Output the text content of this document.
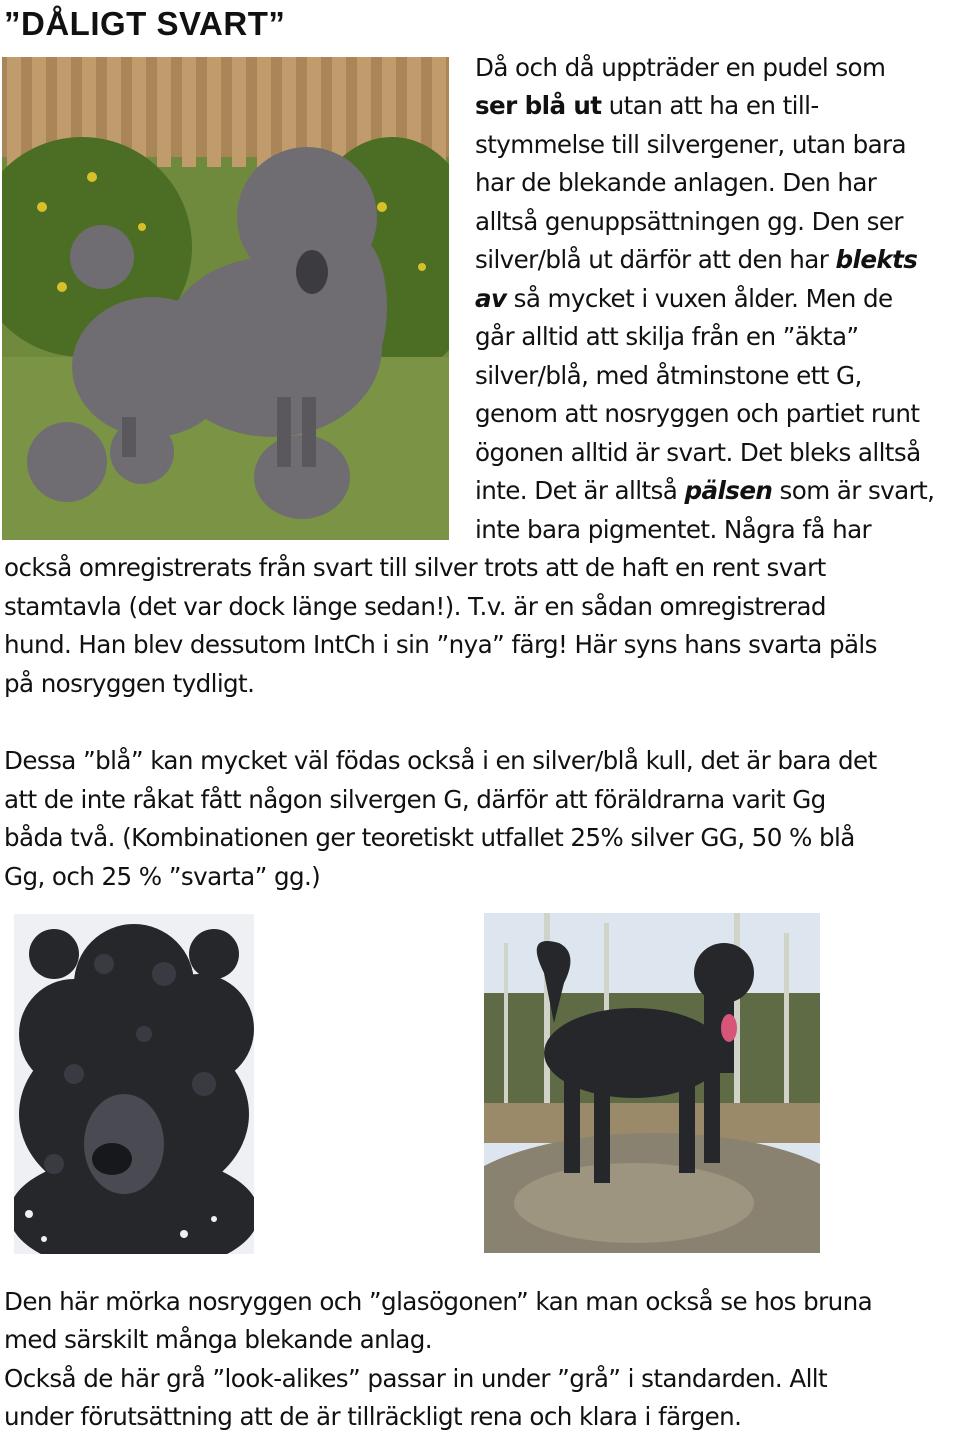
”DÅLIGT SVART”
Då och då uppträder en pudel som
ser blå ut utan att ha en till-
stymmelse till silvergener, utan bara
har de blekande anlagen. Den har
alltså genuppsättningen gg. Den ser
silver/blå ut därför att den har blekts
av så mycket i vuxen ålder. Men de
går alltid att skilja från en ”äkta”
silver/blå, med åtminstone ett G,
genom att nosryggen och partiet runt
ögonen alltid är svart. Det bleks alltså
inte. Det är alltså pälsen som är svart,
inte bara pigmentet. Några få har
också omregistrerats från svart till silver trots att de haft en rent svart
stamtavla (det var dock länge sedan!). T.v. är en sådan omregistrerad
hund. Han blev dessutom IntCh i sin ”nya” färg! Här syns hans svarta päls
på nosryggen tydligt.
Dessa ”blå” kan mycket väl födas också i en silver/blå kull, det är bara det
att de inte råkat fått någon silvergen G, därför att föräldrarna varit Gg
båda två. (Kombinationen ger teoretiskt utfallet 25% silver GG, 50 % blå
Gg, och 25 % ”svarta” gg.)
Den här mörka nosryggen och ”glasögonen” kan man också se hos bruna
med särskilt många blekande anlag.
Också de här grå ”look-alikes” passar in under ”grå” i standarden. Allt
under förutsättning att de är tillräckligt rena och klara i färgen.
